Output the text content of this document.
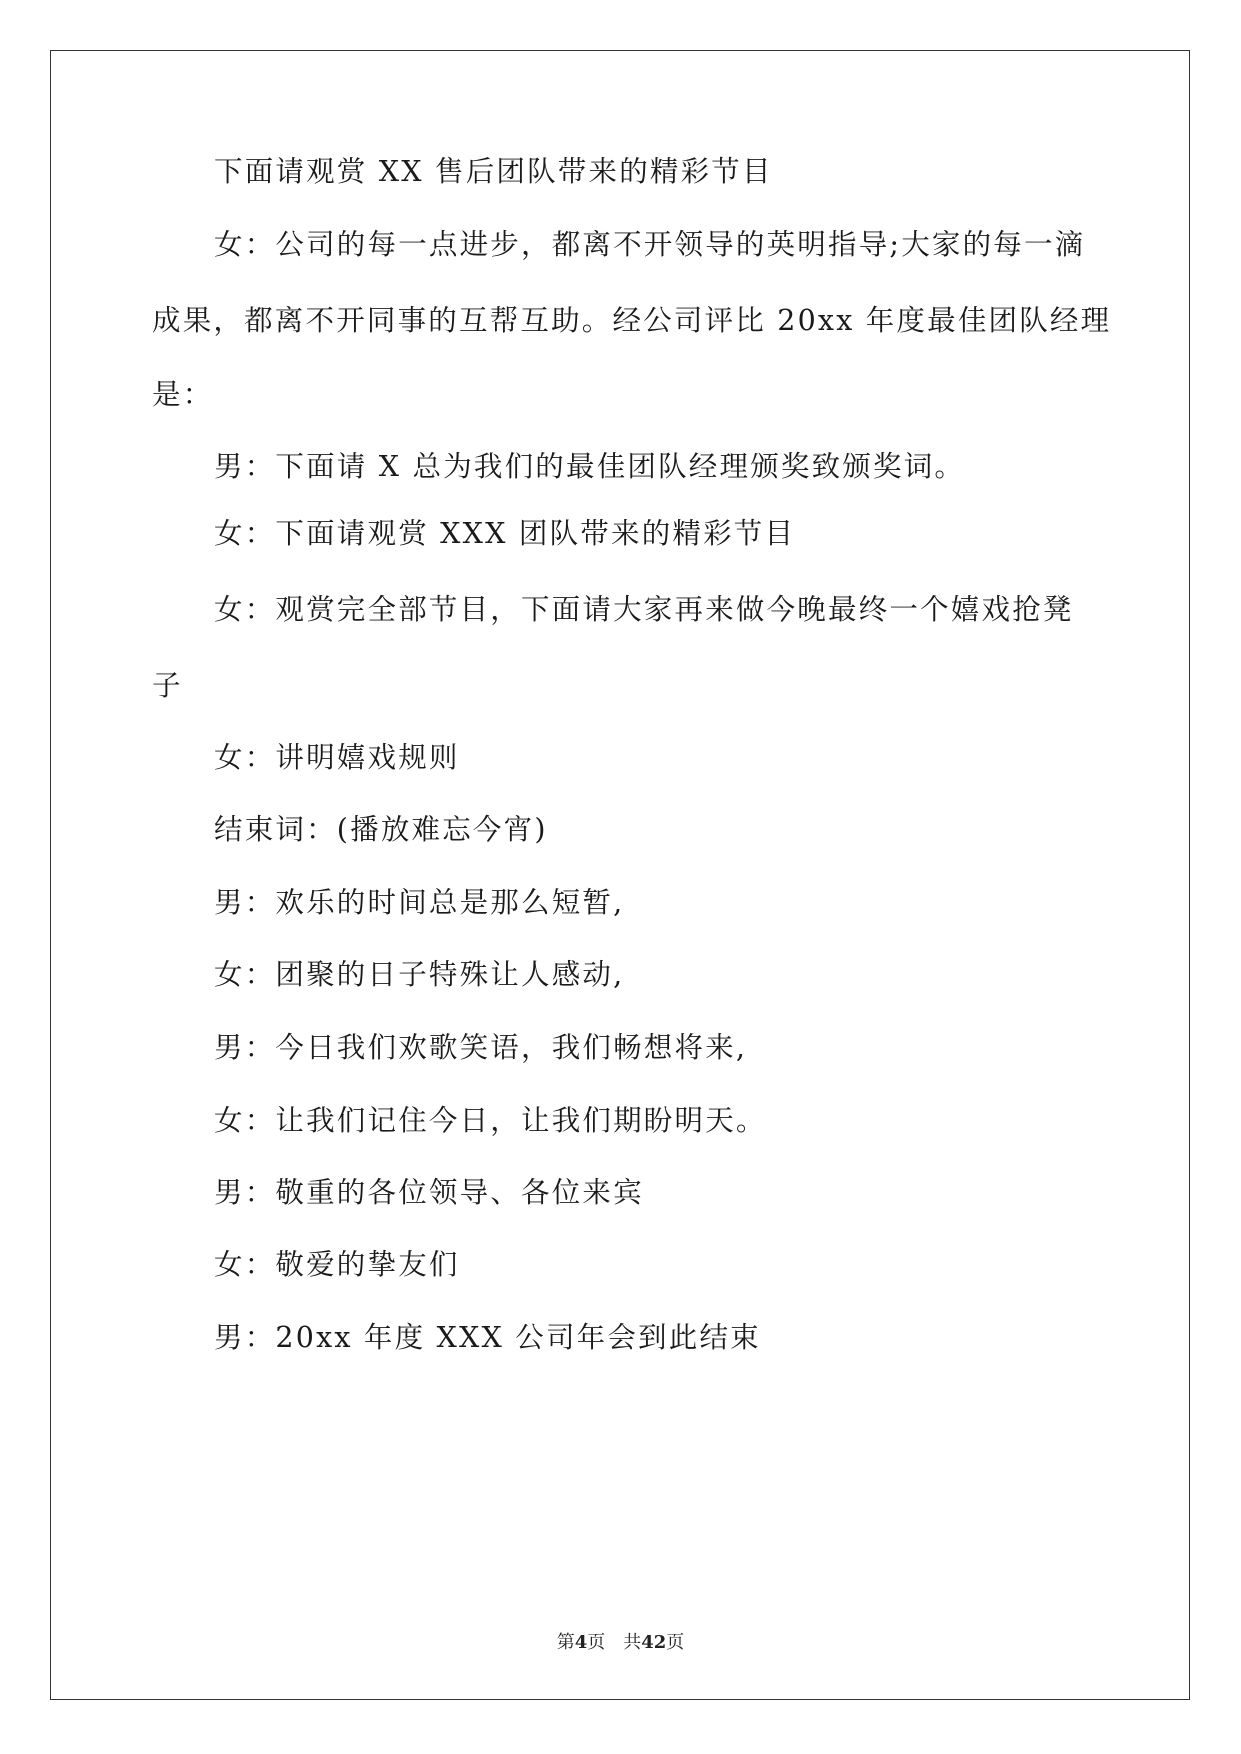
下面请观赏 XX 售后团队带来的精彩节目
女：公司的每一点进步，都离不开领导的英明指导;大家的每一滴
成果，都离不开同事的互帮互助。经公司评比 20xx 年度最佳团队经理
是：
男：下面请 X 总为我们的最佳团队经理颁奖致颁奖词。
女：下面请观赏 XXX 团队带来的精彩节目
女：观赏完全部节目，下面请大家再来做今晚最终一个嬉戏抢凳
子
女：讲明嬉戏规则
结束词：(播放难忘今宵)
男：欢乐的时间总是那么短暂,
女：团聚的日子特殊让人感动,
男：今日我们欢歌笑语，我们畅想将来,
女：让我们记住今日，让我们期盼明天。
男：敬重的各位领导、各位来宾
女：敬爱的挚友们
男：20xx 年度 XXX 公司年会到此结束
第4页 共42页
